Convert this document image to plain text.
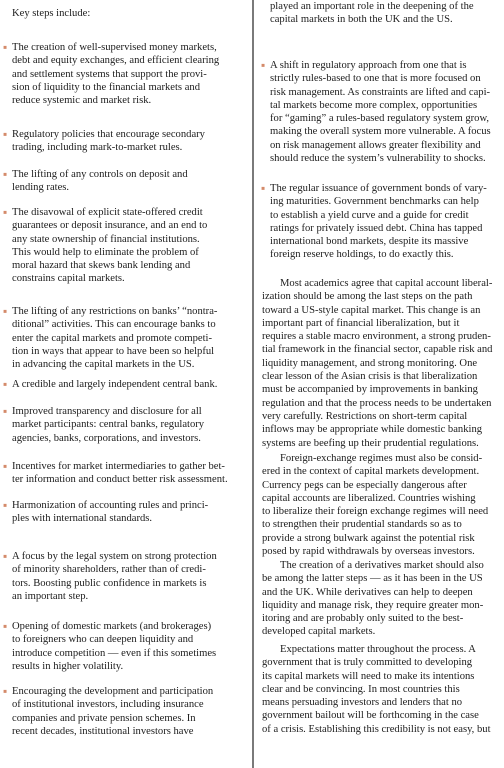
Key steps include:
▪ The creation of well-supervised money markets,
debt and equity exchanges, and efficient clearing
and settlement systems that support the provi-
sion of liquidity to the financial markets and
reduce systemic and market risk.
▪ Regulatory policies that encourage secondary
trading, including mark-to-market rules.
▪ The lifting of any controls on deposit and
lending rates.
▪ The disavowal of explicit state-offered credit
guarantees or deposit insurance, and an end to
any state ownership of financial institutions.
This would help to eliminate the problem of
moral hazard that skews bank lending and
constrains capital markets.
▪ The lifting of any restrictions on banks’ “nontra-
ditional” activities. This can encourage banks to
enter the capital markets and promote competi-
tion in ways that appear to have been so helpful
in advancing the capital markets in the US.
▪ A credible and largely independent central bank.
▪ Improved transparency and disclosure for all
market participants: central banks, regulatory
agencies, banks, corporations, and investors.
▪ Incentives for market intermediaries to gather bet-
ter information and conduct better risk assessment.
▪ Harmonization of accounting rules and princi-
ples with international standards.
▪ A focus by the legal system on strong protection
of minority shareholders, rather than of credi-
tors. Boosting public confidence in markets is
an important step.
▪ Opening of domestic markets (and brokerages)
to foreigners who can deepen liquidity and
introduce competition — even if this sometimes
results in higher volatility.
▪ Encouraging the development and participation
of institutional investors, including insurance
companies and private pension schemes. In
recent decades, institutional investors have
played an important role in the deepening of the
capital markets in both the UK and the US.
▪ A shift in regulatory approach from one that is
strictly rules-based to one that is more focused on
risk management. As constraints are lifted and capi-
tal markets become more complex, opportunities
for “gaming” a rules-based regulatory system grow,
making the overall system more vulnerable. A focus
on risk management allows greater flexibility and
should reduce the system’s vulnerability to shocks.
▪ The regular issuance of government bonds of vary-
ing maturities. Government benchmarks can help
to establish a yield curve and a guide for credit
ratings for privately issued debt. China has tapped
international bond markets, despite its massive
foreign reserve holdings, to do exactly this.
Most academics agree that capital account liberal-
ization should be among the last steps on the path
toward a US-style capital market. This change is an
important part of financial liberalization, but it
requires a stable macro environment, a strong pruden-
tial framework in the financial sector, capable risk and
liquidity management, and strong monitoring. One
clear lesson of the Asian crisis is that liberalization
must be accompanied by improvements in banking
regulation and that the process needs to be undertaken
very carefully. Restrictions on short-term capital
inflows may be appropriate while domestic banking
systems are beefing up their prudential regulations.
Foreign-exchange regimes must also be consid-
ered in the context of capital markets development.
Currency pegs can be especially dangerous after
capital accounts are liberalized. Countries wishing
to liberalize their foreign exchange regimes will need
to strengthen their prudential standards so as to
provide a strong bulwark against the potential risk
posed by rapid withdrawals by overseas investors.
The creation of a derivatives market should also
be among the latter steps — as it has been in the US
and the UK. While derivatives can help to deepen
liquidity and manage risk, they require greater mon-
itoring and are probably only suited to the best-
developed capital markets.
Expectations matter throughout the process. A
government that is truly committed to developing
its capital markets will need to make its intentions
clear and be convincing. In most countries this
means persuading investors and lenders that no
government bailout will be forthcoming in the case
of a crisis. Establishing this credibility is not easy, but
